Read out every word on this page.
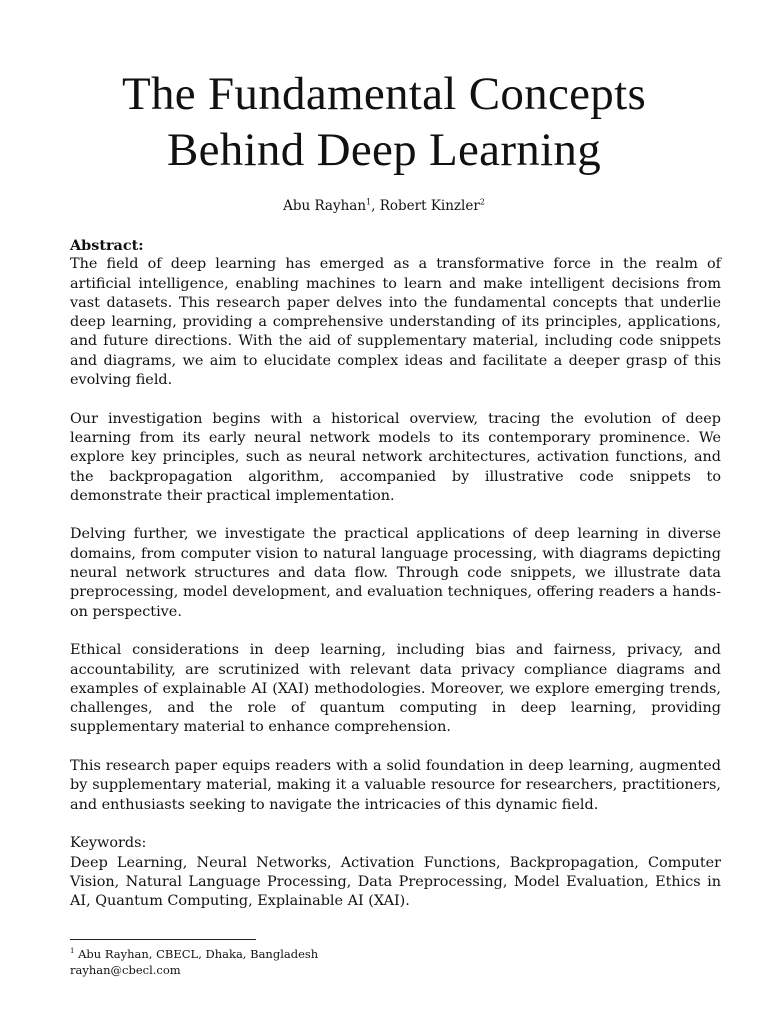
The Fundamental Concepts
Behind Deep Learning
Abu Rayhan$^1$, Robert Kinzler$^2$

Abstract:

The field of deep learning has emerged as a transformative force in the realm of artificial intelligence, enabling machines to learn and make intelligent decisions from vast datasets. This research paper delves into the fundamental concepts that underlie deep learning, providing a comprehensive understanding of its principles, applications, and future directions. With the aid of supplementary material, including code snippets and diagrams, we aim to elucidate complex ideas and facilitate a deeper grasp of this evolving field.

Our investigation begins with a historical overview, tracing the evolution of deep learning from its early neural network models to its contemporary prominence. We explore key principles, such as neural network architectures, activation functions, and the backpropagation algorithm, accompanied by illustrative code snippets to demonstrate their practical implementation.

Delving further, we investigate the practical applications of deep learning in diverse domains, from computer vision to natural language processing, with diagrams depicting neural network structures and data flow. Through code snippets, we illustrate data preprocessing, model development, and evaluation techniques, offering readers a hands-on perspective.

Ethical considerations in deep learning, including bias and fairness, privacy, and accountability, are scrutinized with relevant data privacy compliance diagrams and examples of explainable AI (XAI) methodologies. Moreover, we explore emerging trends, challenges, and the role of quantum computing in deep learning, providing supplementary material to enhance comprehension.

This research paper equips readers with a solid foundation in deep learning, augmented by supplementary material, making it a valuable resource for researchers, practitioners, and enthusiasts seeking to navigate the intricacies of this dynamic field.

Keywords:

Deep Learning, Neural Networks, Activation Functions, Backpropagation, Computer Vision, Natural Language Processing, Data Preprocessing, Model Evaluation, Ethics in AI, Quantum Computing, Explainable AI (XAI).

$^1$ Abu Rayhan, CBECL, Dhaka, Bangladesh
rayhan@cbecl.com
